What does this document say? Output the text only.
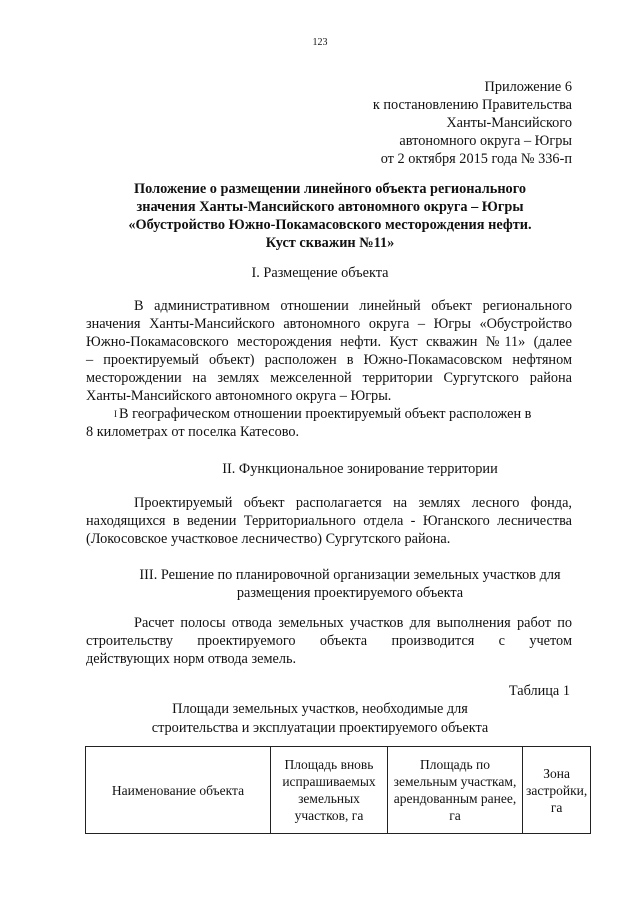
123
Приложение 6
к постановлению Правительства
Ханты-Мансийского
автономного округа – Югры
от 2 октября 2015 года № 336-п
Положение о размещении линейного объекта регионального
значения Ханты-Мансийского автономного округа – Югры
«Обустройство Южно-Покамасовского месторождения нефти.
Куст скважин №11»
I. Размещение объекта
В административном отношении линейный объект регионального
значения Ханты-Мансийского автономного округа – Югры «Обустройство
Южно-Покамасовского месторождения нефти. Куст скважин №11» (далее
– проектируемый объект) расположен в Южно-Покамасовском нефтяном
месторождении на землях межселенной территории Сургутского района
Ханты-Мансийского автономного округа – Югры.
I В географическом отношении проектируемый объект расположен в
8 километрах от поселка Катесово.
II. Функциональное зонирование территории
Проектируемый объект располагается на землях лесного фонда,
находящихся в ведении Территориального отдела - Юганского лесничества
(Локосовское участковое лесничество) Сургутского района.
III. Решение по планировочной организации земельных участков для
размещения проектируемого объекта
Расчет полосы отвода земельных участков для выполнения работ по
строительству проектируемого объекта производится с учетом
действующих норм отвода земель.
Таблица 1
Площади земельных участков, необходимые для
строительства и эксплуатации проектируемого объекта
Наименование объекта	Площадь вновь испрашиваемых земельных участков, га	Площадь по земельным участкам, арендованным ранее, га	Зона застройки, га
